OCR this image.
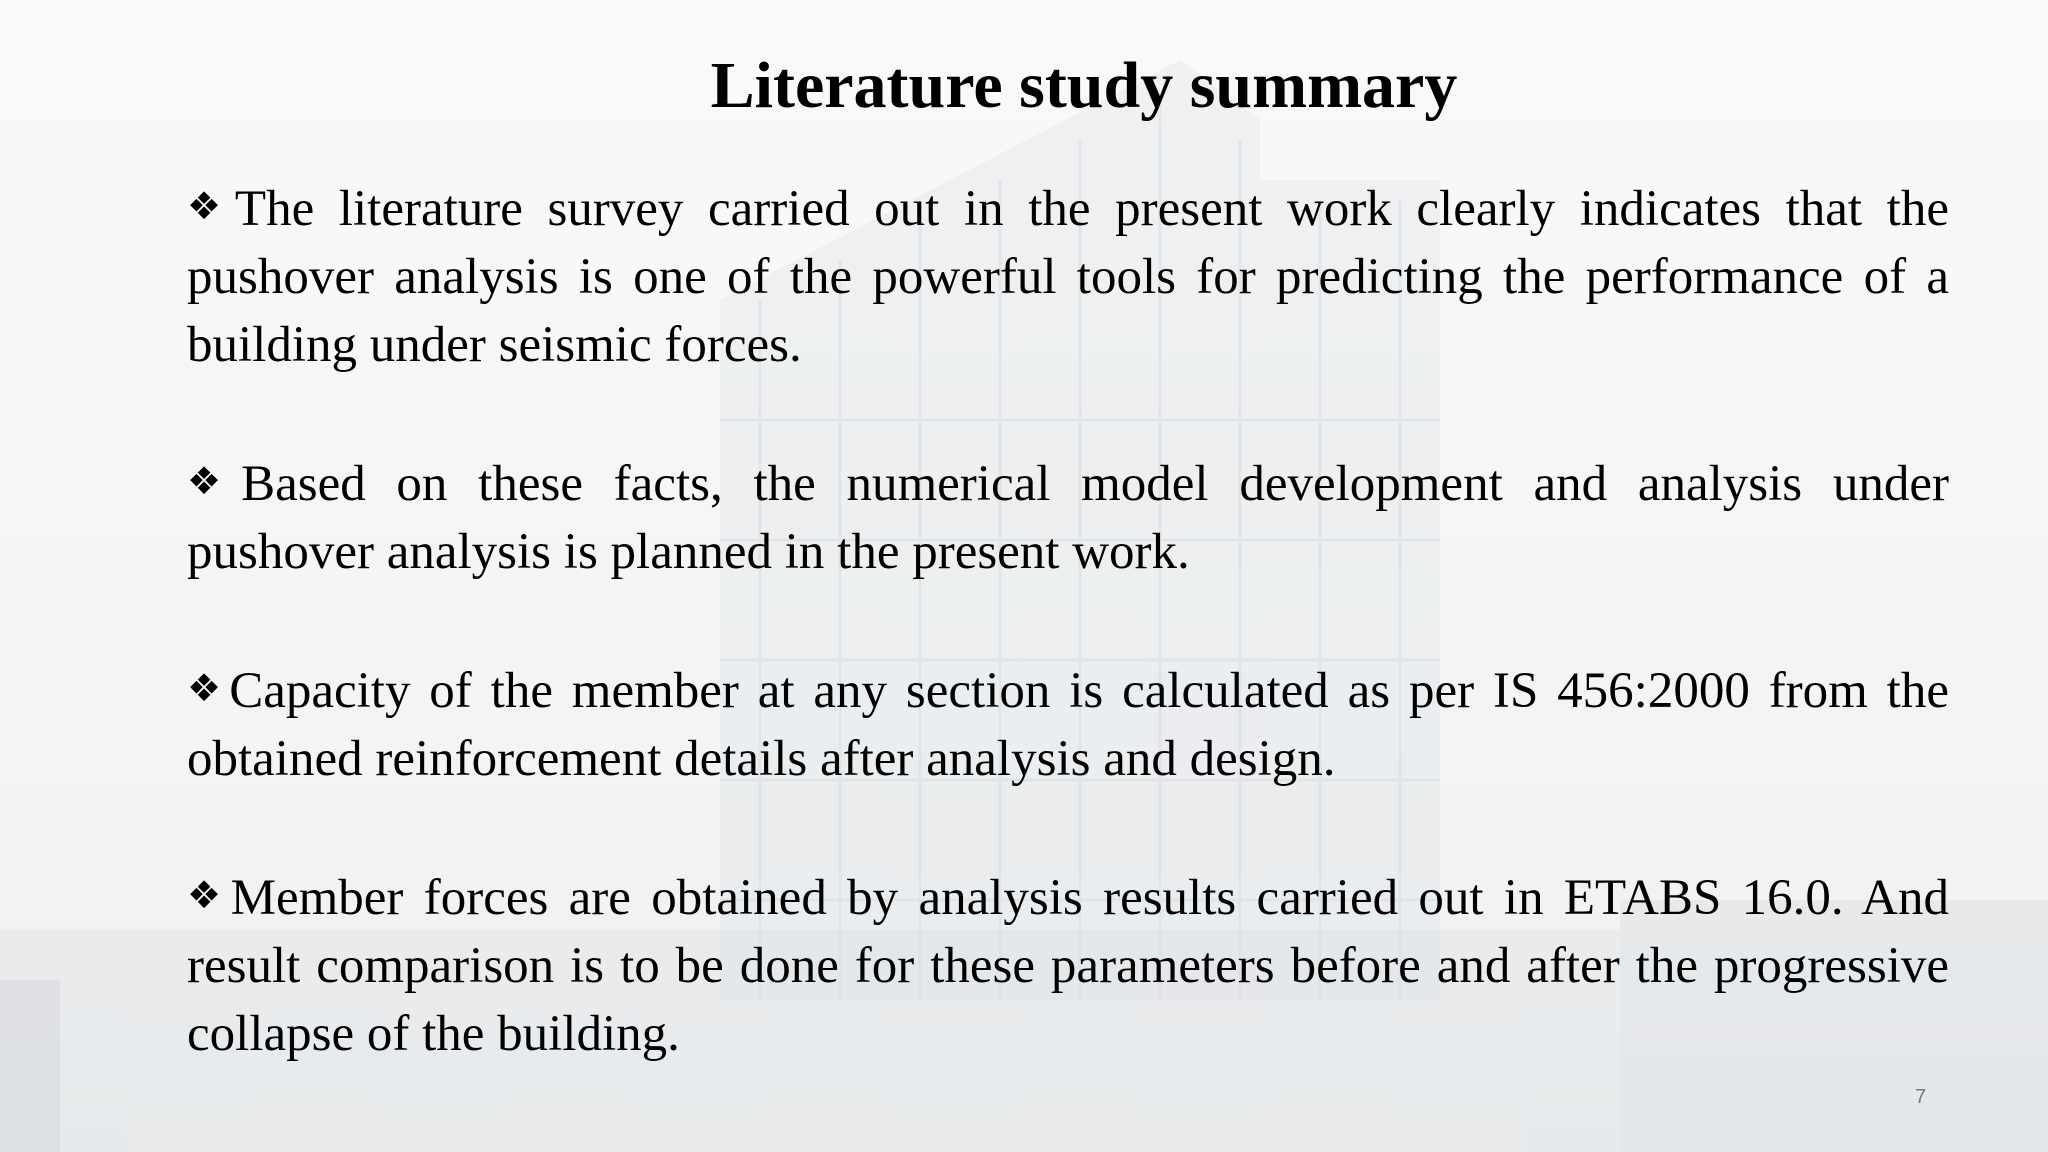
Literature study summary

❖The literature survey carried out in the present work clearly indicates that the pushover analysis is one of the powerful tools for predicting the performance of a building under seismic forces.

❖Based on these facts, the numerical model development and analysis under pushover analysis is planned in the present work.

❖Capacity of the member at any section is calculated as per IS 456:2000 from the obtained reinforcement details after analysis and design.

❖Member forces are obtained by analysis results carried out in ETABS 16.0. And result comparison is to be done for these parameters before and after the progressive collapse of the building.

7
